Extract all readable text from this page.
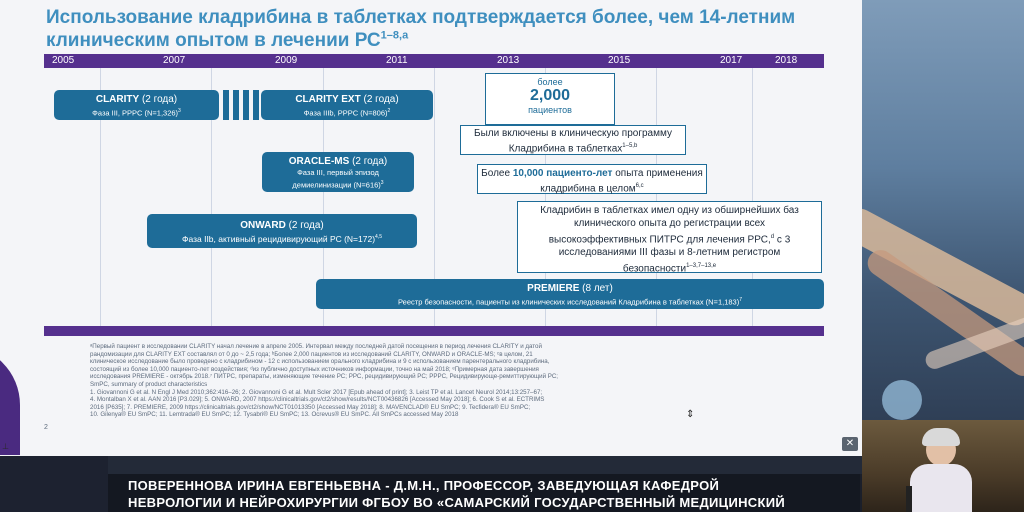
Использование кладрибина в таблетках подтверждается более, чем 14-летним клиническим опытом в лечении РС$^{1-8,a}$
2005	2007	2009	2011	2013	2015	2017	2018
CLARITY (2 года)
Фаза III, РРРС (N=1,326)$^3$
CLARITY EXT (2 года)
Фаза IIIb, РРРС (N=806)$^2$
ORACLE-MS (2 года)
Фаза III, первый эпизод демиелинизации (N=616)$^3$
ONWARD (2 года)
Фаза IIb, активный рецидивирующий РС (N=172)$^{4,5}$
PREMIERE (8 лет)
Реестр безопасности, пациенты из клинических исследований Кладрибина в таблетках (N=1,183)$^7$
более
2,000
пациентов
Были включены в клиническую программу Кладрибина в таблетках$^{1-5,b}$
Более 10,000 пациенто-лет опыта применения кладрибина в целом$^{6,c}$
Кладрибин в таблетках имел одну из обширнейших баз клинического опыта до регистрации всех высокоэффективных ПИТРС для лечения РРС,$^d$ с 3 исследованиями III фазы и 8-летним регистром безопасности$^{1-3,7-13,e}$
ᵃПервый пациент в исследовании CLARITY начал лечение в апреле 2005. Интервал между последней датой посещения в период лечения CLARITY и датой
рандомизации для CLARITY EXT составлял от 0 до ~ 2,5 года; ᵇБолее 2,000 пациентов из исследований CLARITY, ONWARD и ORACLE-MS; ᶜв целом, 21
клиническое исследование было проведено с кладрибином - 12 с использованием орального кладрибина и 9 с использованием парентерального кладрибина,
состоящий из более 10,000 пациенто-лет воздействия; ᵈиз публично доступных источников информации, точно на май 2018; ᵉПримерная дата завершения
исследования PREMIERE - октябрь 2018.⁷ ПИТРС, препараты, изменяющие течение РС; РРС, рецидивирующий РС; РРРС, Рецидивирующе-ремиттирующий РС;
SmPC, summary of product characteristics
1. Giovannoni G et al. N Engl J Med 2010;362:416–26; 2. Giovannoni G et al. Mult Scler 2017 [Epub ahead of print]; 3. Leist TP et al. Lancet Neurol 2014;13:257–67;
4. Montalban X et al. AAN 2016 [P3.029]; 5. ONWARD, 2007 https://clinicaltrials.gov/ct2/show/results/NCT00436826 [Accessed May 2018]; 6. Cook S et al. ECTRIMS
2016 [P635]; 7. PREMIERE, 2009 https://clinicaltrials.gov/ct2/show/NCT01013350 [Accessed May 2018]; 8. MAVENCLAD® EU SmPC; 9. Tecfidera® EU SmPC;
10. Gilenya® EU SmPC; 11. Lemtrada® EU SmPC; 12. Tysabri® EU SmPC; 13. Ocrevus® EU SmPC. All SmPCs accessed May 2018
2
⊥
⇕
✕
ПОВЕРЕННОВА ИРИНА ЕВГЕНЬЕВНА - Д.М.Н., ПРОФЕССОР, ЗАВЕДУЮЩАЯ КАФЕДРОЙ
НЕВРОЛОГИИ И НЕЙРОХИРУРГИИ ФГБОУ ВО «САМАРСКИЙ ГОСУДАРСТВЕННЫЙ МЕДИЦИНСКИЙ
